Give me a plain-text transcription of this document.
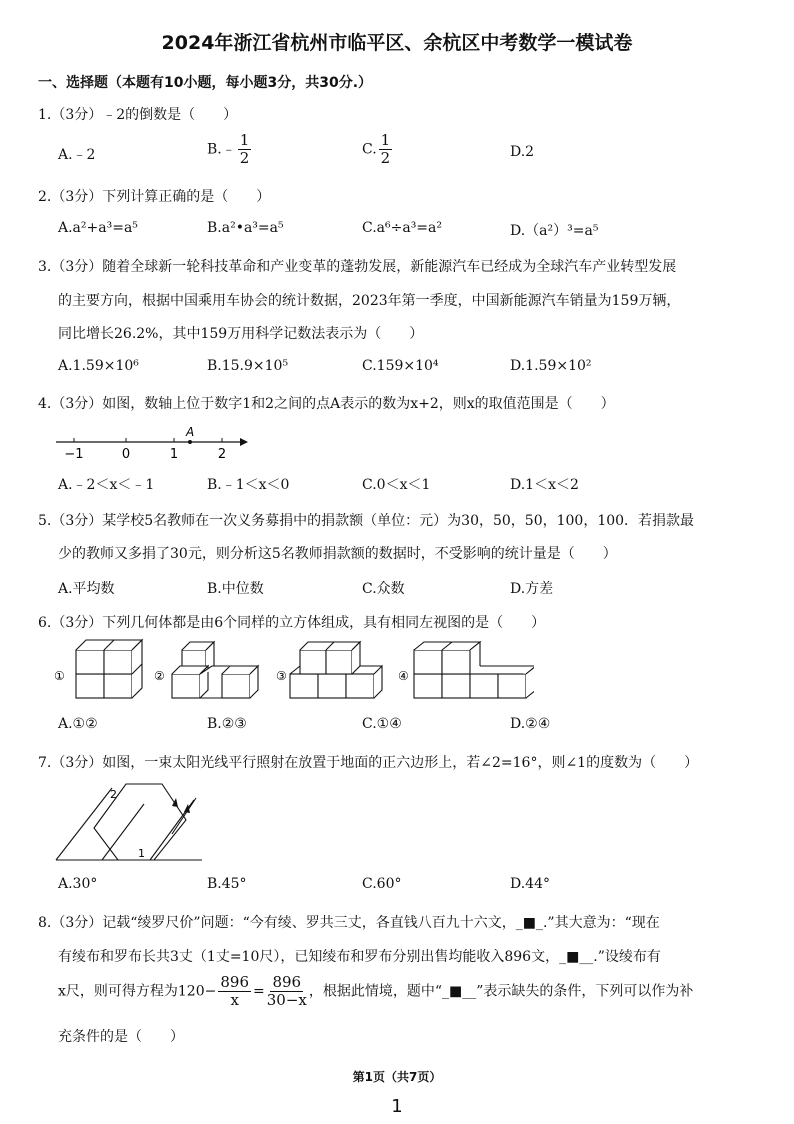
2024年浙江省杭州市临平区、余杭区中考数学一模试卷
一、选择题（本题有10小题，每小题3分，共30分.）
1.（3分）﹣2的倒数是（　　）
A.﹣2	B.﹣ $\frac{1}{2}$	C. $\frac{1}{2}$	D.2
2.（3分）下列计算正确的是（　　）
A.a²+a³=a⁵	B.a²•a³=a⁵	C.a⁶÷a³=a²	D.（a²）³=a⁵
3.（3分）随着全球新一轮科技革命和产业变革的蓬勃发展，新能源汽车已经成为全球汽车产业转型发展
的主要方向，根据中国乘用车协会的统计数据，2023年第一季度，中国新能源汽车销量为159万辆，
同比增长26.2%，其中159万用科学记数法表示为（　　）
A.1.59×10⁶	B.15.9×10⁵	C.159×10⁴	D.1.59×10²
4.（3分）如图，数轴上位于数字1和2之间的点A表示的数为x+2，则x的取值范围是（　　）
−1	0	1	2
A
A.﹣2＜x＜﹣1	B.﹣1＜x＜0	C.0＜x＜1	D.1＜x＜2
5.（3分）某学校5名教师在一次义务募捐中的捐款额（单位：元）为30，50，50，100，100．若捐款最
少的教师又多捐了30元，则分析这5名教师捐款额的数据时，不受影响的统计量是（　　）
A.平均数	B.中位数	C.众数	D.方差
6.（3分）下列几何体都是由6个同样的立方体组成，具有相同左视图的是（　　）
①	②	③	④
A.①②	B.②③	C.①④	D.②④
7.（3分）如图，一束太阳光线平行照射在放置于地面的正六边形上，若∠2=16°，则∠1的度数为（　　）
2
1
A.30°	B.45°	C.60°	D.44°
8.（3分）记载“绫罗尺价”问题：“今有绫、罗共三丈，各直钱八百九十六文，_■_.”其大意为：“现在
有绫布和罗布长共3丈（1丈=10尺），已知绫布和罗布分别出售均能收入896文，_■__.”设绫布有
x尺，则可得方程为$120- \frac{896}{x} = \frac{896}{30-x}$ ，根据此情境，题中“_■__”表示缺失的条件，下列可以作为补
充条件的是（　　）
第1页（共7页）
1
